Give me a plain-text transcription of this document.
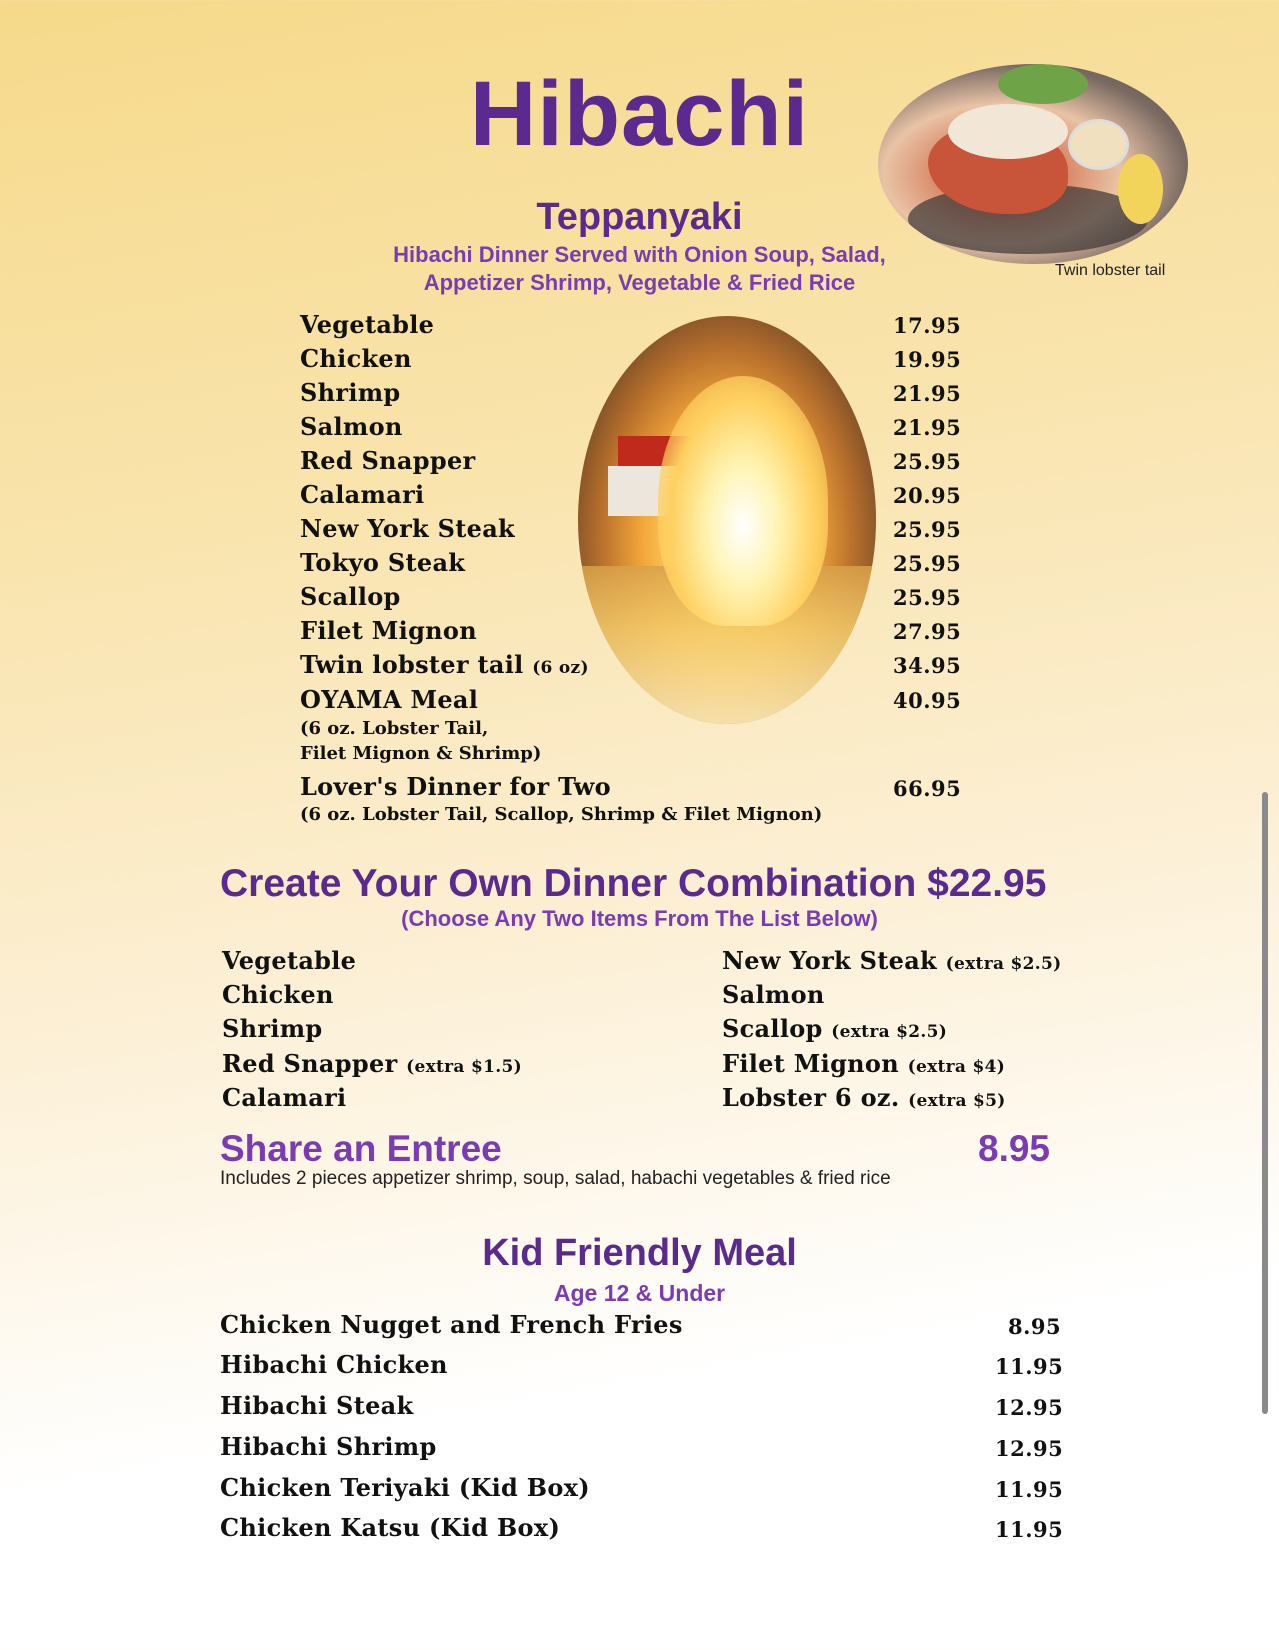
Hibachi
Teppanyaki
Hibachi Dinner Served with Onion Soup, Salad,
Appetizer Shrimp, Vegetable & Fried Rice	Twin lobster tail
Vegetable	17.95
Chicken	19.95
Shrimp	21.95
Salmon	21.95
Red Snapper	25.95
Calamari	20.95
New York Steak	25.95
Tokyo Steak	25.95
Scallop	25.95
Filet Mignon	27.95
Twin lobster tail (6 oz)	34.95
OYAMA Meal	40.95
(6 oz. Lobster Tail,
Filet Mignon & Shrimp)
Lover's Dinner for Two	66.95
(6 oz. Lobster Tail, Scallop, Shrimp & Filet Mignon)
Create Your Own Dinner Combination $22.95
(Choose Any Two Items From The List Below)
Vegetable
Chicken
Shrimp
Red Snapper (extra $1.5)
Calamari
New York Steak (extra $2.5)
Salmon
Scallop (extra $2.5)
Filet Mignon (extra $4)
Lobster 6 oz. (extra $5)
Share an Entree	8.95
Includes 2 pieces appetizer shrimp, soup, salad, habachi vegetables & fried rice
Kid Friendly Meal
Age 12 & Under
Chicken Nugget and French Fries	8.95
Hibachi Chicken	11.95
Hibachi Steak	12.95
Hibachi Shrimp	12.95
Chicken Teriyaki (Kid Box)	11.95
Chicken Katsu (Kid Box)	11.95
